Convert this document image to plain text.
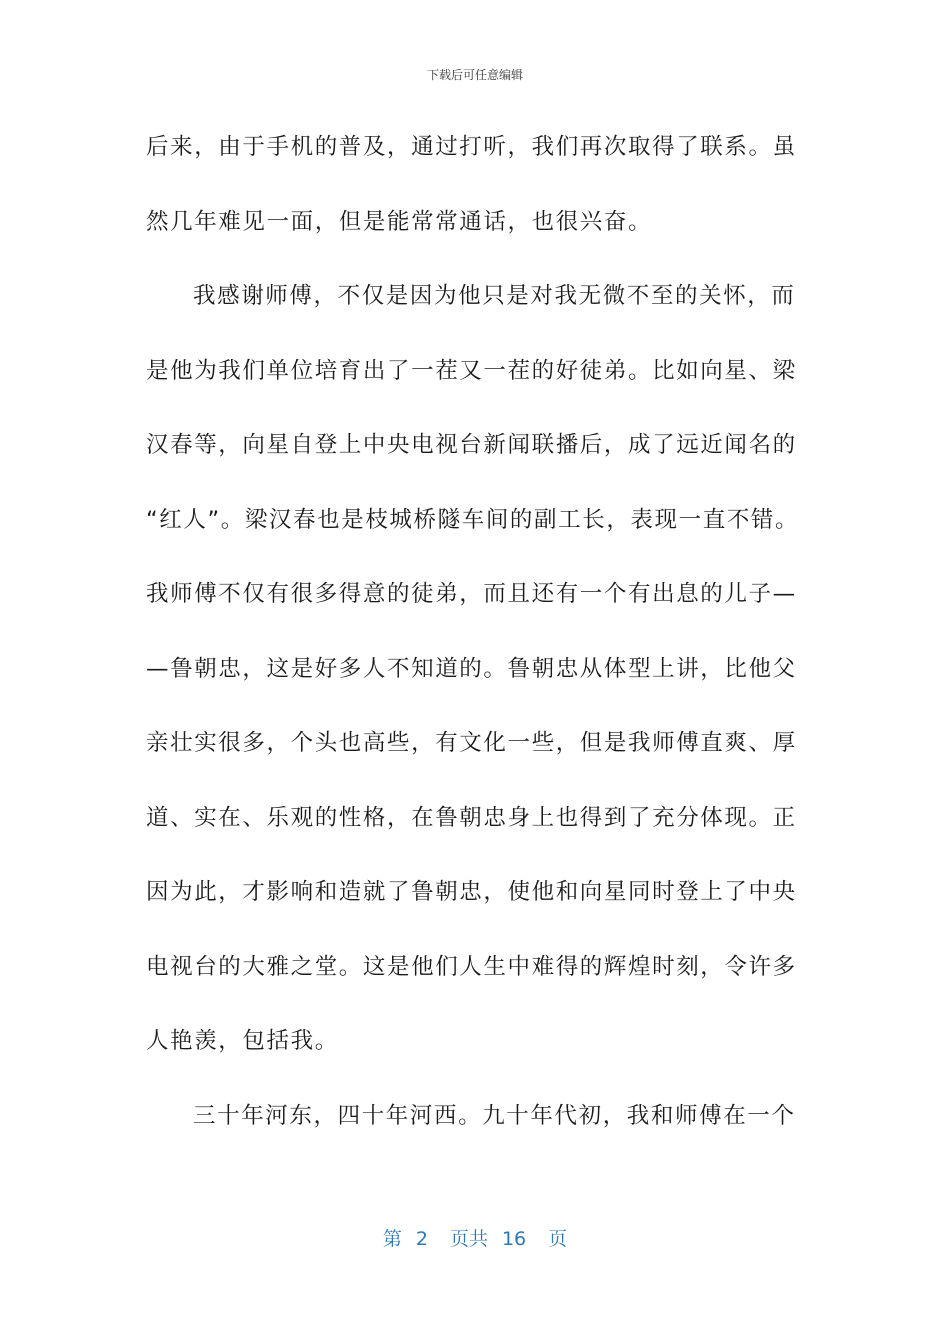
下载后可任意编辑
后来，由于手机的普及，通过打听，我们再次取得了联系。虽
然几年难见一面，但是能常常通话，也很兴奋。
我感谢师傅，不仅是因为他只是对我无微不至的关怀，而
是他为我们单位培育出了一茬又一茬的好徒弟。比如向星、梁
汉春等，向星自登上中央电视台新闻联播后，成了远近闻名的
“红人”。梁汉春也是枝城桥隧车间的副工长，表现一直不错。
我师傅不仅有很多得意的徒弟，而且还有一个有出息的儿子—
—鲁朝忠，这是好多人不知道的。鲁朝忠从体型上讲，比他父
亲壮实很多，个头也高些，有文化一些，但是我师傅直爽、厚
道、实在、乐观的性格，在鲁朝忠身上也得到了充分体现。正
因为此，才影响和造就了鲁朝忠，使他和向星同时登上了中央
电视台的大雅之堂。这是他们人生中难得的辉煌时刻，令许多
人艳羡，包括我。
三十年河东，四十年河西。九十年代初，我和师傅在一个
第 2 页共 16 页
